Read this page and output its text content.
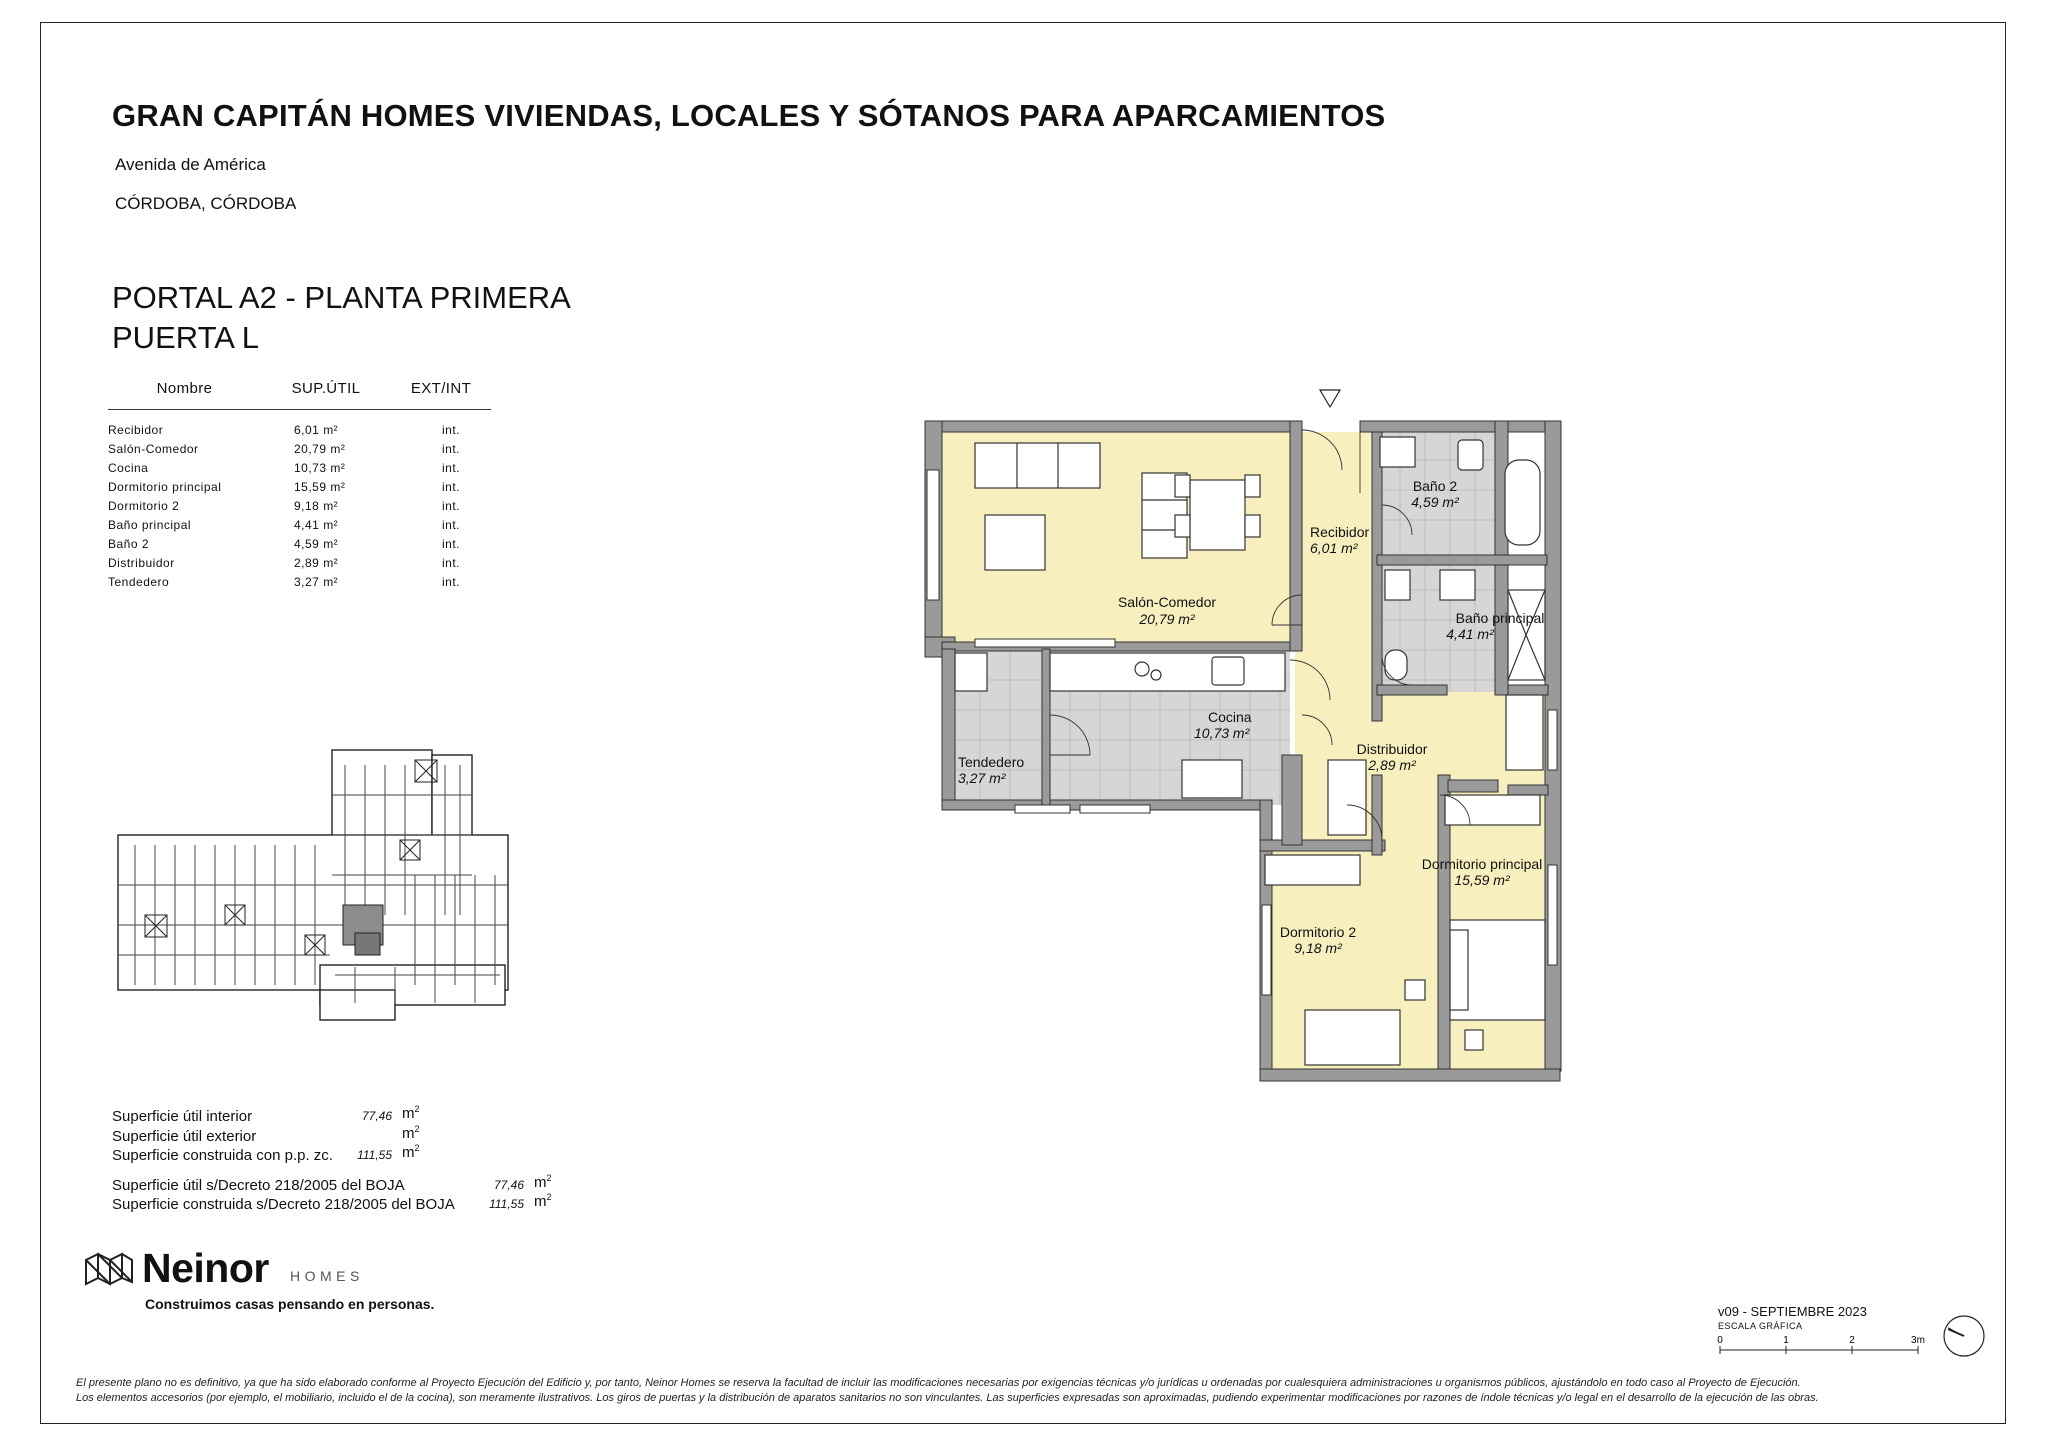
GRAN CAPITÁN HOMES VIVIENDAS, LOCALES Y SÓTANOS PARA APARCAMIENTOS
Avenida de América
CÓRDOBA, CÓRDOBA
PORTAL A2 - PLANTA PRIMERA
PUERTA L
Nombre	SUP.ÚTIL	EXT/INT
Recibidor	6,01 m²	int.
Salón-Comedor	20,79 m²	int.
Cocina	10,73 m²	int.
Dormitorio principal	15,59 m²	int.
Dormitorio 2	9,18 m²	int.
Baño principal	4,41 m²	int.
Baño 2	4,59 m²	int.
Distribuidor	2,89 m²	int.
Tendedero	3,27 m²	int.
Superficie útil interior	77,46 $m^2$
Superficie útil exterior	$m^2$
Superficie construida con p.p. zc.	111,55 $m^2$
Superficie útil s/Decreto 218/2005 del BOJA	77,46 $m^2$
Superficie construida s/Decreto 218/2005 del BOJA	111,55 $m^2$
Neinor HOMES
Construimos casas pensando en personas.	v09 - SEPTIEMBRE 2023
ESCALA GRÁFICA
0	1	2	3m
El presente plano no es definitivo, ya que ha sido elaborado conforme al Proyecto Ejecución del Edificio y, por tanto, Neinor Homes se reserva la facultad de incluir las modificaciones necesarias por exigencias técnicas y/o jurídicas u ordenadas por cualesquiera administraciones u organismos públicos, ajustándolo en todo caso al Proyecto de Ejecución.
Los elementos accesorios (por ejemplo, el mobiliario, incluido el de la cocina), son meramente ilustrativos. Los giros de puertas y la distribución de aparatos sanitarios no son vinculantes. Las superficies expresadas son aproximadas, pudiendo experimentar modificaciones por razones de índole técnicas y/o legal en el desarrollo de la ejecución de las obras.
Salón-Comedor
20,79 m²
Recibidor
6,01 m²
Baño 2
4,59 m²
Baño principal
4,41 m²
Cocina
10,73 m²
Tendedero
3,27 m²
Distribuidor
2,89 m²
Dormitorio principal
15,59 m²
Dormitorio 2
9,18 m²
